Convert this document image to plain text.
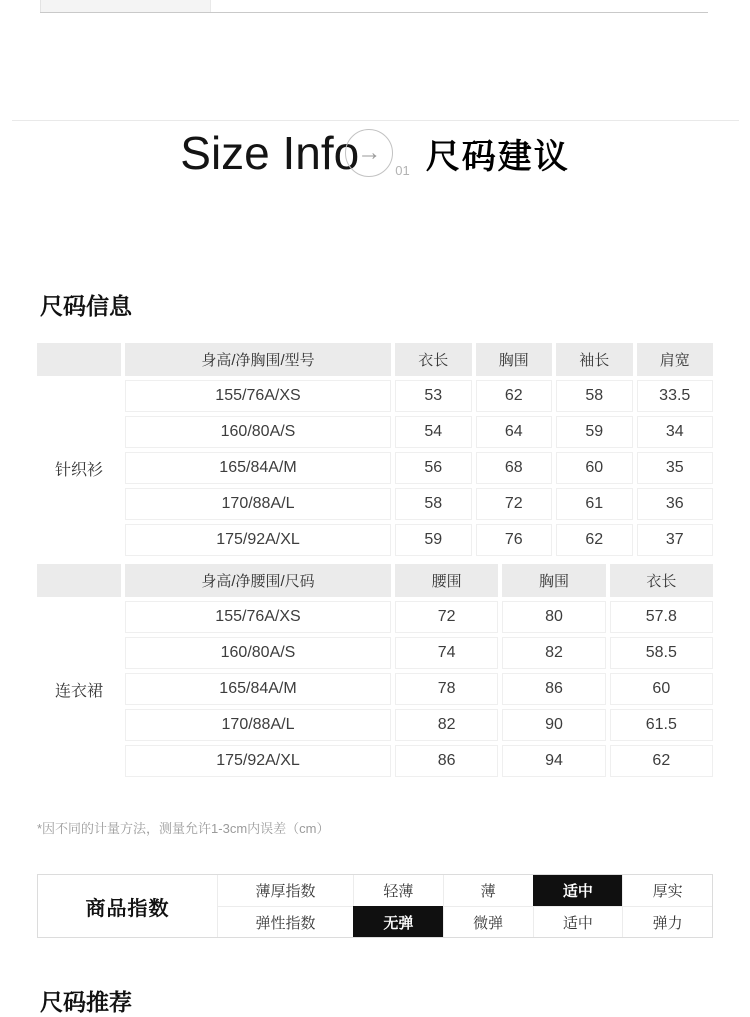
Size Info
→
01 尺码建议
尺码信息
	身高/净胸围/型号	衣长	胸围	袖长	肩宽
针织衫	155/76A/XS	53	62	58	33.5
	160/80A/S	54	64	59	34
	165/84A/M	56	68	60	35
	170/88A/L	58	72	61	36
	175/92A/XL	59	76	62	37
	身高/净腰围/尺码	腰围	胸围	衣长
连衣裙	155/76A/XS	72	80	57.8
	160/80A/S	74	82	58.5
	165/84A/M	78	86	60
	170/88A/L	82	90	61.5
	175/92A/XL	86	94	62
*因不同的计量方法，测量允许1-3cm内误差（cm）
商品指数
薄厚指数	轻薄	薄	适中	厚实
弹性指数	无弹	微弹	适中	弹力
尺码推荐
